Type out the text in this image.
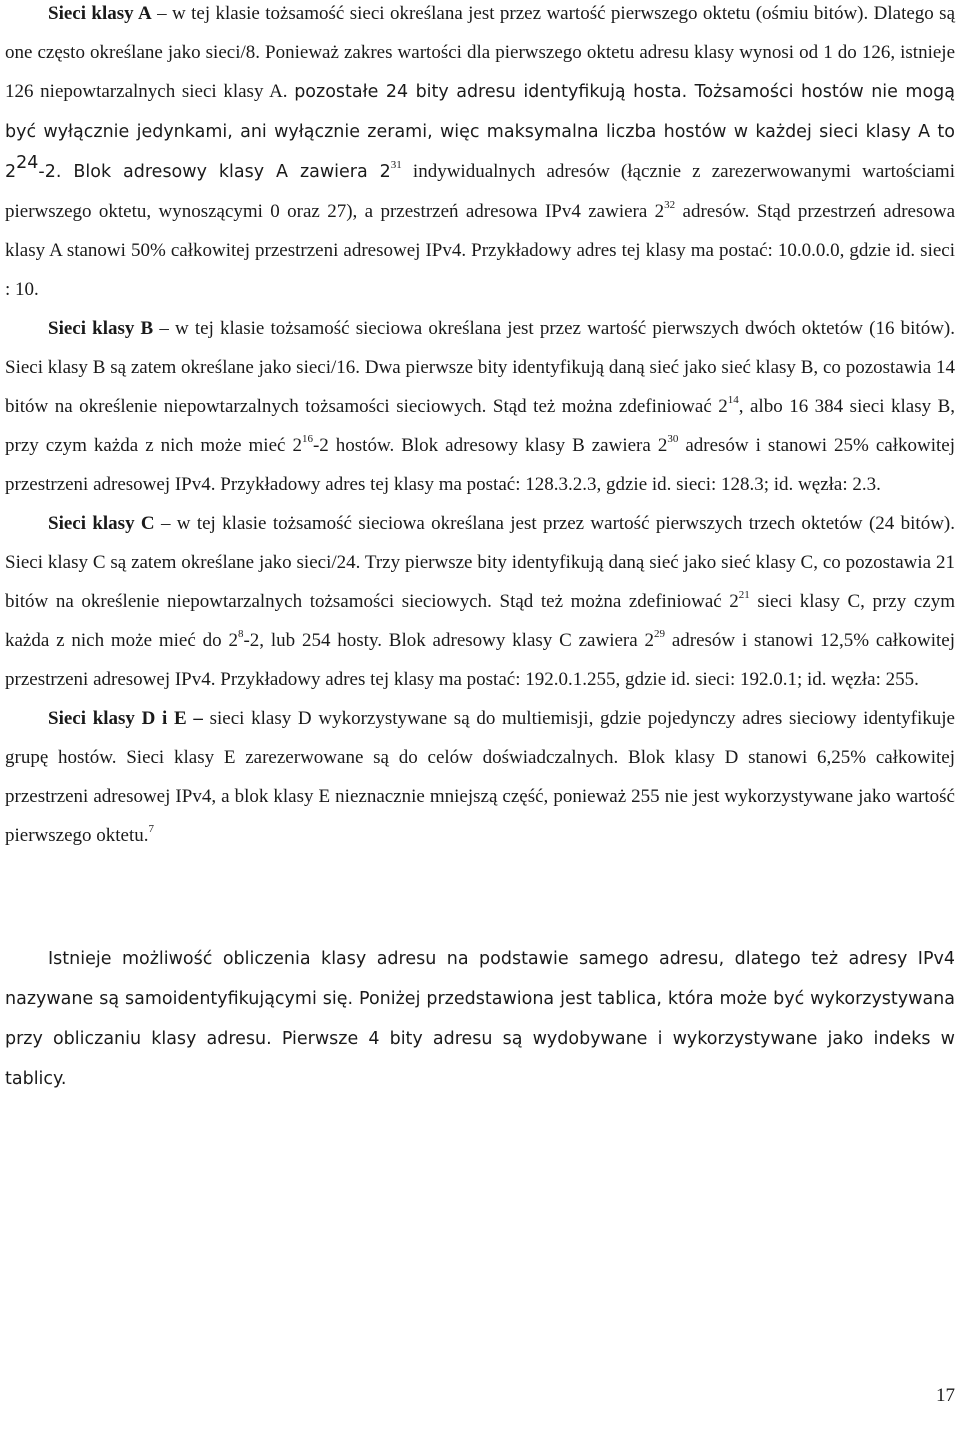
Sieci klasy A – w tej klasie tożsamość sieci określana jest przez wartość pierwszego oktetu (ośmiu bitów). Dlatego są one często określane jako sieci/8. Ponieważ zakres wartości dla pierwszego oktetu adresu klasy wynosi od 1 do 126, istnieje 126 niepowtarzalnych sieci klasy A. pozostałe 24 bity adresu identyfikują hosta. Tożsamości hostów nie mogą być wyłącznie jedynkami, ani wyłącznie zerami, więc maksymalna liczba hostów w każdej sieci klasy A to $2^{24}-2$. Blok adresowy klasy A zawiera $2^{31}$ indywidualnych adresów (łącznie z zarezerwowanymi wartościami pierwszego oktetu, wynoszącymi 0 oraz 27), a przestrzeń adresowa IPv4 zawiera $2^{32}$ adresów. Stąd przestrzeń adresowa klasy A stanowi 50% całkowitej przestrzeni adresowej IPv4. Przykładowy adres tej klasy ma postać: 10.0.0.0, gdzie id. sieci : 10.

Sieci klasy B – w tej klasie tożsamość sieciowa określana jest przez wartość pierwszych dwóch oktetów (16 bitów). Sieci klasy B są zatem określane jako sieci/16. Dwa pierwsze bity identyfikują daną sieć jako sieć klasy B, co pozostawia 14 bitów na określenie niepowtarzalnych tożsamości sieciowych. Stąd też można zdefiniować $2^{14}$, albo 16 384 sieci klasy B, przy czym każda z nich może mieć $2^{16}-2$ hostów. Blok adresowy klasy B zawiera $2^{30}$ adresów i stanowi 25% całkowitej przestrzeni adresowej IPv4. Przykładowy adres tej klasy ma postać: 128.3.2.3, gdzie id. sieci: 128.3; id. węzła: 2.3.

Sieci klasy C – w tej klasie tożsamość sieciowa określana jest przez wartość pierwszych trzech oktetów (24 bitów). Sieci klasy C są zatem określane jako sieci/24. Trzy pierwsze bity identyfikują daną sieć jako sieć klasy C, co pozostawia 21 bitów na określenie niepowtarzalnych tożsamości sieciowych. Stąd też można zdefiniować $2^{21}$ sieci klasy C, przy czym każda z nich może mieć do $2^8-2$, lub 254 hosty. Blok adresowy klasy C zawiera $2^{29}$ adresów i stanowi 12,5% całkowitej przestrzeni adresowej IPv4. Przykładowy adres tej klasy ma postać: 192.0.1.255, gdzie id. sieci: 192.0.1; id. węzła: 255.

Sieci klasy D i E – sieci klasy D wykorzystywane są do multiemisji, gdzie pojedynczy adres sieciowy identyfikuje grupę hostów. Sieci klasy E zarezerwowane są do celów doświadczalnych. Blok klasy D stanowi 6,25% całkowitej przestrzeni adresowej IPv4, a blok klasy E nieznacznie mniejszą część, ponieważ 255 nie jest wykorzystywane jako wartość pierwszego oktetu.$^7$

Istnieje możliwość obliczenia klasy adresu na podstawie samego adresu, dlatego też adresy IPv4 nazywane są samoidentyfikującymi się. Poniżej przedstawiona jest tablica, która może być wykorzystywana przy obliczaniu klasy adresu. Pierwsze 4 bity adresu są wydobywane i wykorzystywane jako indeks w tablicy.

17
